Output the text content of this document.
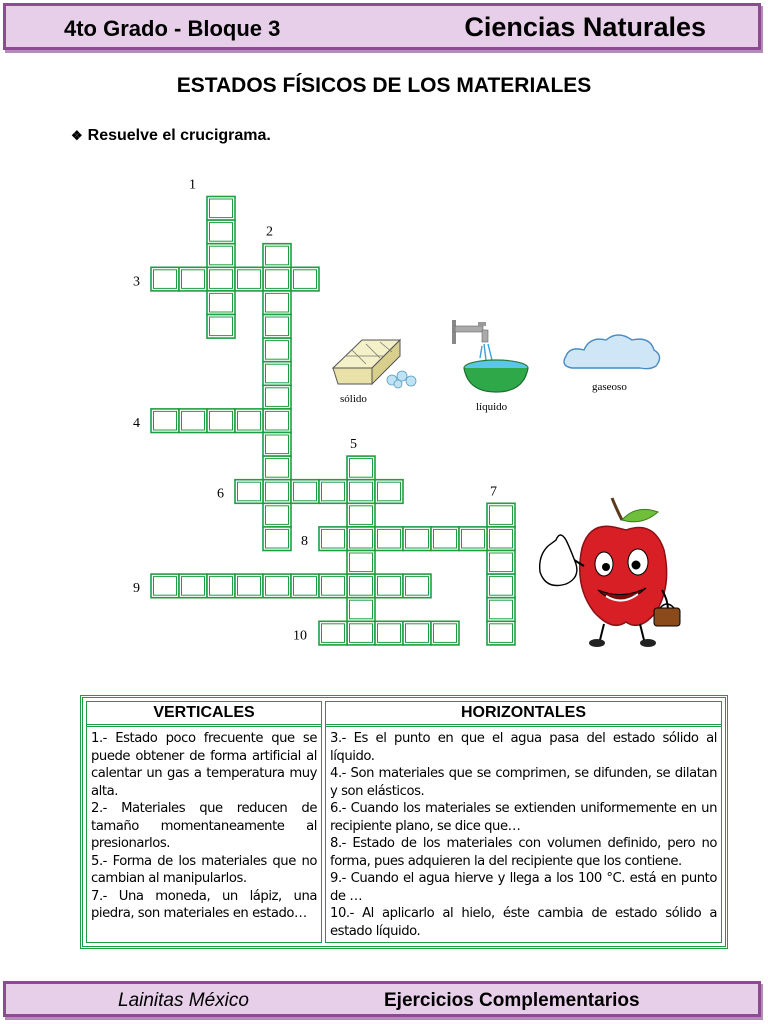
4to Grado - Bloque 3	Ciencias Naturales
ESTADOS FÍSICOS DE LOS MATERIALES
❖ Resuelve el crucigrama.
1
2
3
4
5
6	7
8
9
10
sólido
líquido
gaseoso
VERTICALES

1.- Estado poco frecuente que se puede obtener de forma artificial al calentar un gas a temperatura muy alta.

2.- Materiales que reducen de tamaño momentaneamente al presionarlos.

5.- Forma de los materiales que no cambian al manipularlos.

7.- Una moneda, un lápiz, una piedra, son materiales en estado…

HORIZONTALES

3.- Es el punto en que el agua pasa del estado sólido al líquido.

4.- Son materiales que se comprimen, se difunden, se dilatan y son elásticos.

6.- Cuando los materiales se extienden uniformemente en un recipiente plano, se dice que…

8.- Estado de los materiales con volumen definido, pero no forma, pues adquieren la del recipiente que los contiene.

9.- Cuando el agua hierve y llega a los 100 °C. está en punto de …

10.- Al aplicarlo al hielo, éste cambia de estado sólido a estado líquido.

Lainitas México	Ejercicios Complementarios
